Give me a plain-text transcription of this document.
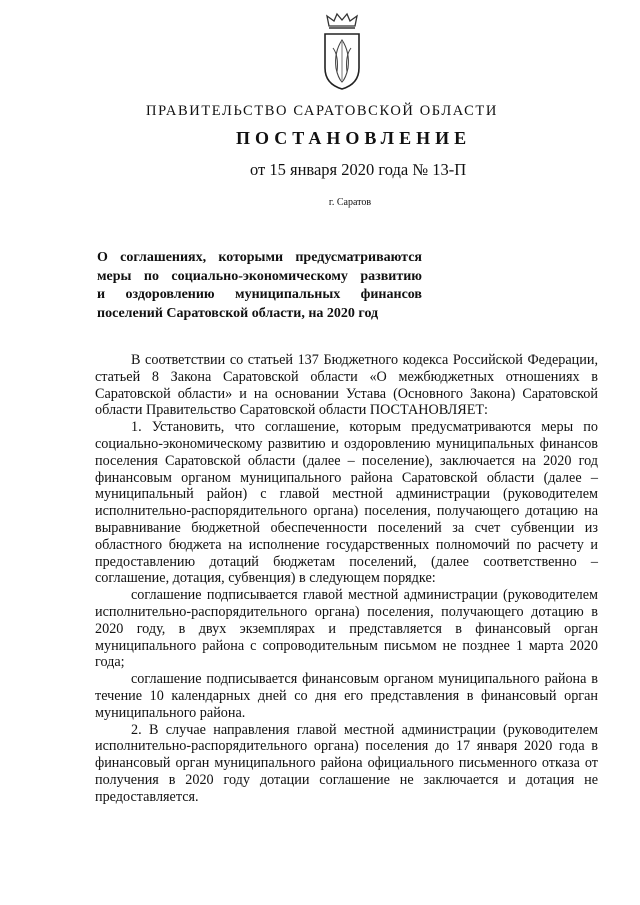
ПРАВИТЕЛЬСТВО САРАТОВСКОЙ ОБЛАСТИ
ПОСТАНОВЛЕНИЕ
от 15 января 2020 года № 13-П
г. Саратов
О соглашениях, которыми предусматриваются
меры по социально-экономическому развитию
и оздоровлению муниципальных финансов
поселений Саратовской области, на 2020 год

В соответствии со статьей 137 Бюджетного кодекса Российской Федерации, статьей 8 Закона Саратовской области «О межбюджетных отношениях в Саратовской области» и на основании Устава (Основного Закона) Саратовской области Правительство Саратовской области ПОСТАНОВЛЯЕТ:

1. Установить, что соглашение, которым предусматриваются меры по социально-экономическому развитию и оздоровлению муниципальных финансов поселения Саратовской области (далее – поселение), заключается на 2020 год финансовым органом муниципального района Саратовской области (далее – муниципальный район) с главой местной администрации (руководителем исполнительно-распорядительного органа) поселения, получающего дотацию на выравнивание бюджетной обеспеченности поселений за счет субвенции из областного бюджета на исполнение государственных полномочий по расчету и предоставлению дотаций бюджетам поселений, (далее соответственно – соглашение, дотация, субвенция) в следующем порядке:

соглашение подписывается главой местной администрации (руководителем исполнительно-распорядительного органа) поселения, получающего дотацию в 2020 году, в двух экземплярах и представляется в финансовый орган муниципального района с сопроводительным письмом не позднее 1 марта 2020 года;

соглашение подписывается финансовым органом муниципального района в течение 10 календарных дней со дня его представления в финансовый орган муниципального района.

2. В случае направления главой местной администрации (руководителем исполнительно-распорядительного органа) поселения до 17 января 2020 года в финансовый орган муниципального района официального письменного отказа от получения в 2020 году дотации соглашение не заключается и дотация не предоставляется.
